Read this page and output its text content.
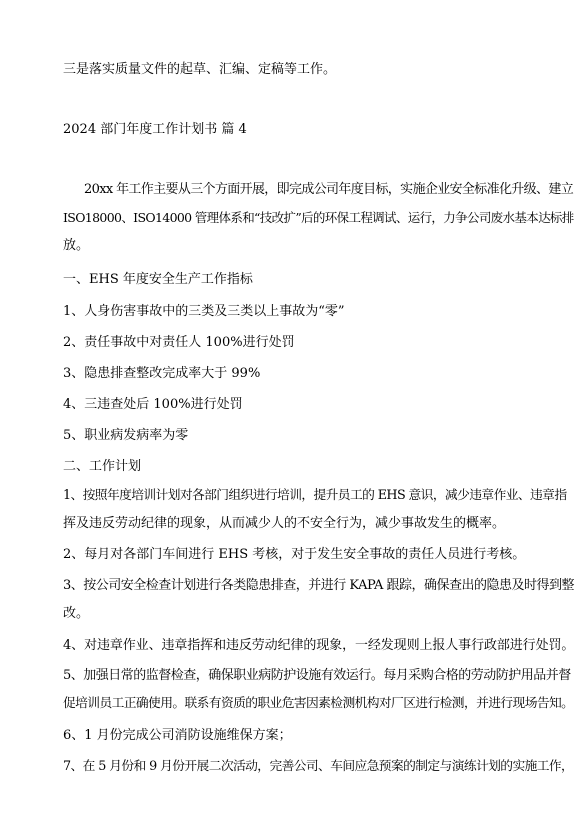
三是落实质量文件的起草、汇编、定稿等工作。
2024 部门年度工作计划书 篇 4
20xx 年工作主要从三个方面开展，即完成公司年度目标，实施企业安全标准化升级、建立
ISO18000、ISO14000 管理体系和“技改扩”后的环保工程调试、运行，力争公司废水基本达标排
放。
一、EHS 年度安全生产工作指标
1、人身伤害事故中的三类及三类以上事故为“零”
2、责任事故中对责任人 100%进行处罚
3、隐患排查整改完成率大于 99%
4、三违查处后 100%进行处罚
5、职业病发病率为零
二、工作计划
1、按照年度培训计划对各部门组织进行培训，提升员工的 EHS 意识，减少违章作业、违章指
挥及违反劳动纪律的现象，从而减少人的不安全行为，减少事故发生的概率。
2、每月对各部门车间进行 EHS 考核，对于发生安全事故的责任人员进行考核。
3、按公司安全检查计划进行各类隐患排查，并进行 KAPA 跟踪，确保查出的隐患及时得到整
改。
4、对违章作业、违章指挥和违反劳动纪律的现象，一经发现则上报人事行政部进行处罚。
5、加强日常的监督检查，确保职业病防护设施有效运行。每月采购合格的劳动防护用品并督
促培训员工正确使用。联系有资质的职业危害因素检测机构对厂区进行检测，并进行现场告知。
6、1 月份完成公司消防设施维保方案；
7、在 5 月份和 9 月份开展二次活动，完善公司、车间应急预案的制定与演练计划的实施工作，
